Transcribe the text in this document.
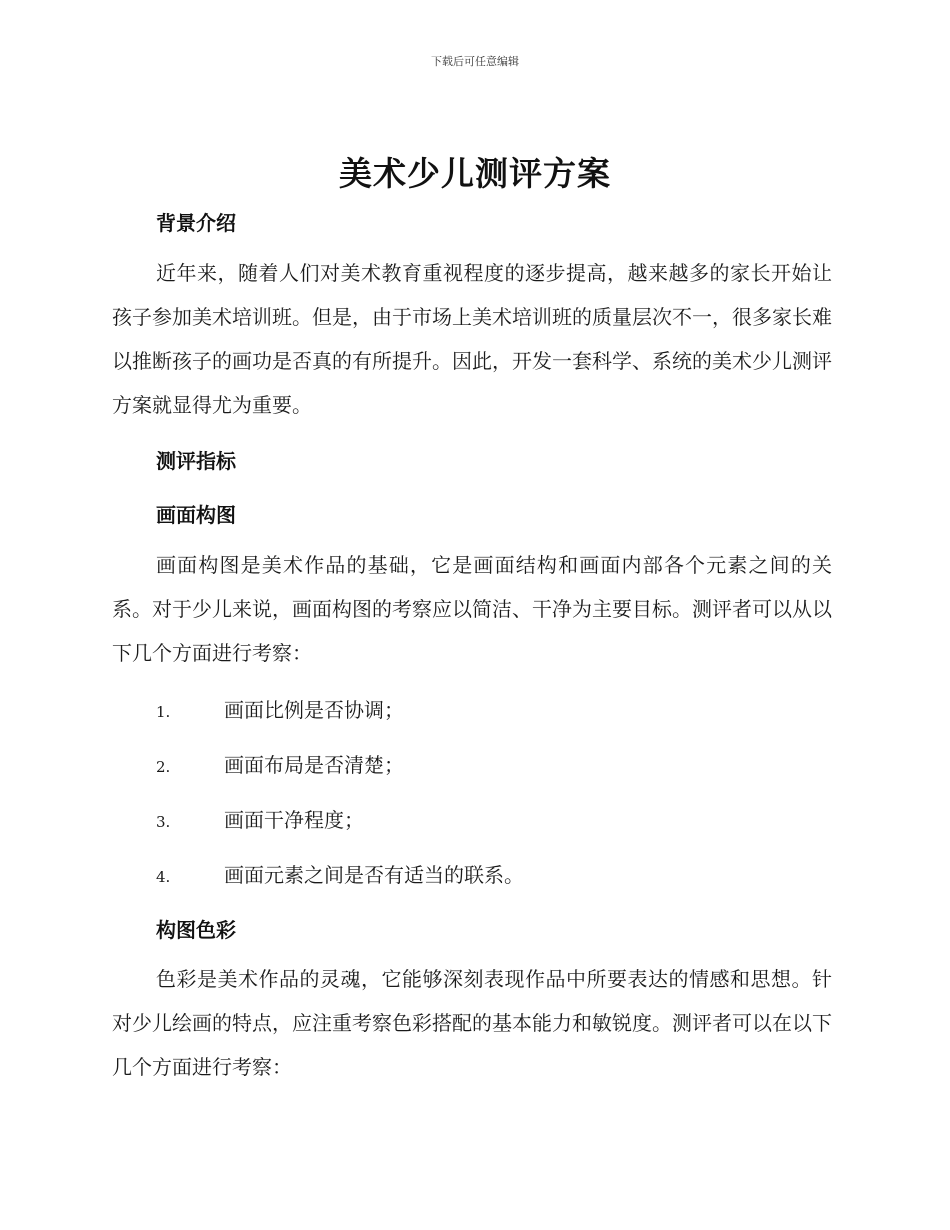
下载后可任意编辑
美术少儿测评方案
背景介绍
近年来，随着人们对美术教育重视程度的逐步提高，越来越多的家长开始让孩子参加美术培训班。但是，由于市场上美术培训班的质量层次不一，很多家长难以推断孩子的画功是否真的有所提升。因此，开发一套科学、系统的美术少儿测评方案就显得尤为重要。
测评指标
画面构图
画面构图是美术作品的基础，它是画面结构和画面内部各个元素之间的关系。对于少儿来说，画面构图的考察应以简洁、干净为主要目标。测评者可以从以下几个方面进行考察：
1.	画面比例是否协调；
2.	画面布局是否清楚；
3.	画面干净程度；
4.	画面元素之间是否有适当的联系。
构图色彩
色彩是美术作品的灵魂，它能够深刻表现作品中所要表达的情感和思想。针对少儿绘画的特点，应注重考察色彩搭配的基本能力和敏锐度。测评者可以在以下几个方面进行考察：
